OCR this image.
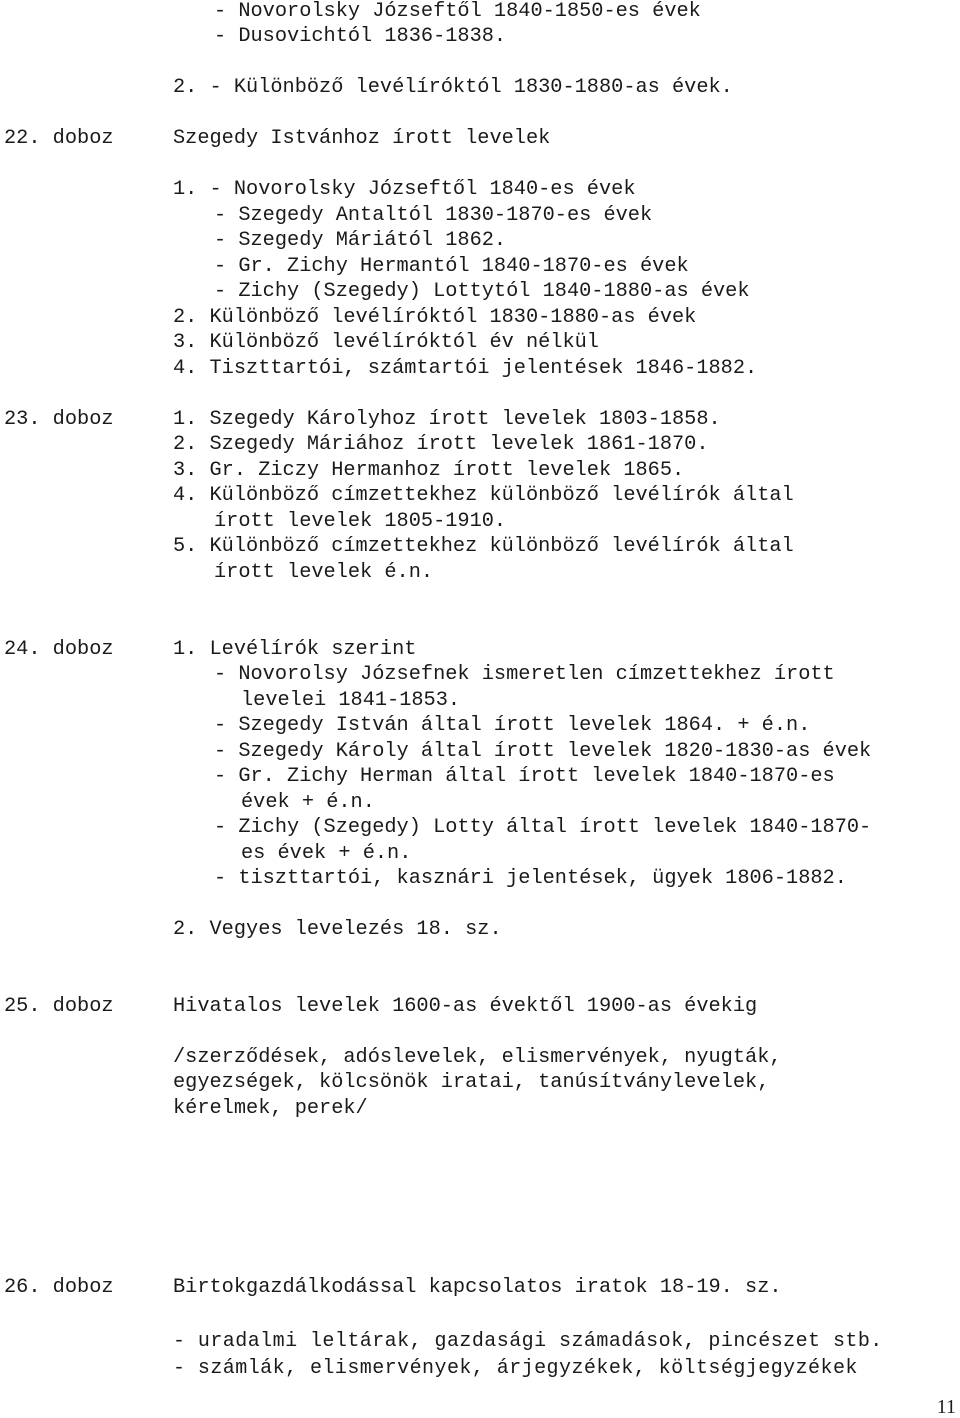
- Novorolsky Józseftől 1840-1850-es évek
- Dusovichtól 1836-1838.
2. - Különböző levélíróktól 1830-1880-as évek.
22. doboz	Szegedy Istvánhoz írott levelek
1. - Novorolsky Józseftől 1840-es évek
- Szegedy Antaltól 1830-1870-es évek
- Szegedy Máriától 1862.
- Gr. Zichy Hermantól 1840-1870-es évek
- Zichy (Szegedy) Lottytól 1840-1880-as évek
2. Különböző levélíróktól 1830-1880-as évek
3. Különböző levélíróktól év nélkül
4. Tiszttartói, számtartói jelentések 1846-1882.
23. doboz	1. Szegedy Károlyhoz írott levelek 1803-1858.
2. Szegedy Máriához írott levelek 1861-1870.
3. Gr. Ziczy Hermanhoz írott levelek 1865.
4. Különböző címzettekhez különböző levélírók által
írott levelek 1805-1910.
5. Különböző címzettekhez különböző levélírók által
írott levelek é.n.
24. doboz	1. Levélírók szerint
- Novorolsy Józsefnek ismeretlen címzettekhez írott
levelei 1841-1853.
- Szegedy István által írott levelek 1864. + é.n.
- Szegedy Károly által írott levelek 1820-1830-as évek
- Gr. Zichy Herman által írott levelek 1840-1870-es
évek + é.n.
- Zichy (Szegedy) Lotty által írott levelek 1840-1870-
es évek + é.n.
- tiszttartói, kasznári jelentések, ügyek 1806-1882.
2. Vegyes levelezés 18. sz.
25. doboz	Hivatalos levelek 1600-as évektől 1900-as évekig
/szerződések, adóslevelek, elismervények, nyugták,
egyezségek, kölcsönök iratai, tanúsítványlevelek,
kérelmek, perek/
26. doboz	Birtokgazdálkodással kapcsolatos iratok 18-19. sz.
- uradalmi leltárak, gazdasági számadások, pincészet stb.
- számlák, elismervények, árjegyzékek, költségjegyzékek
11
